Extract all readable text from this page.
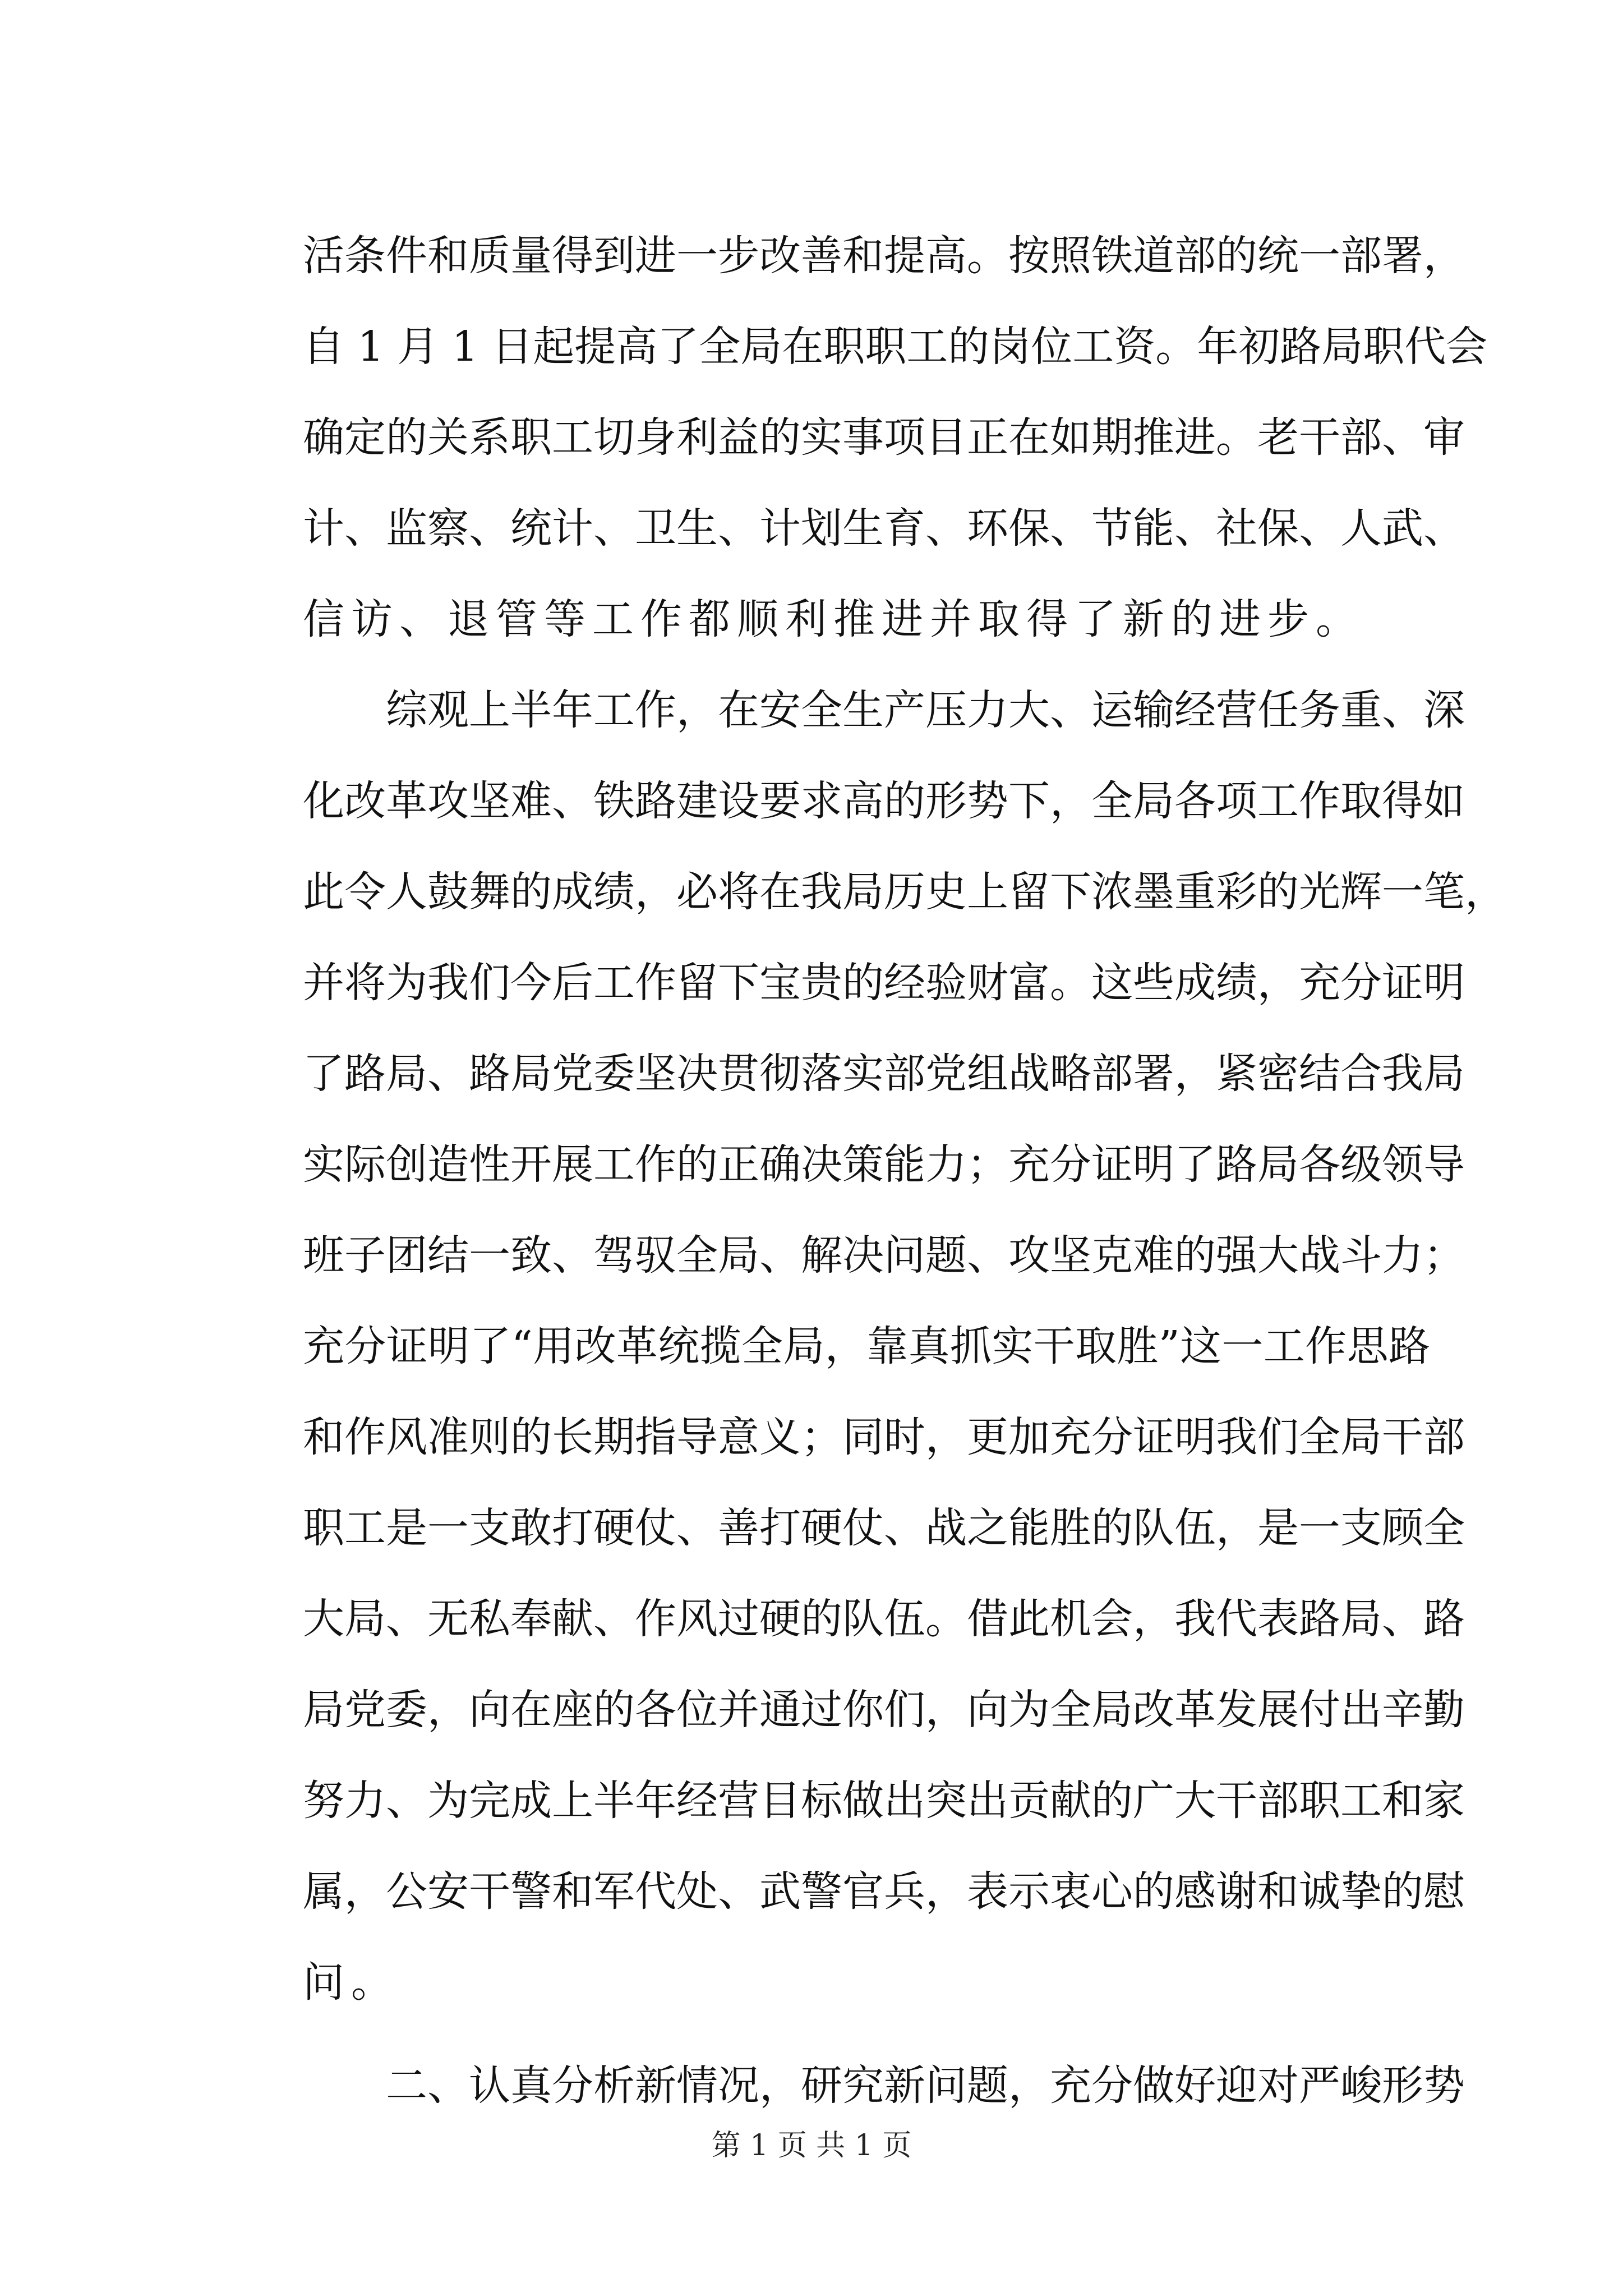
活条件和质量得到进一步改善和提高。按照铁道部的统一部署，
自 1 月 1 日起提高了全局在职职工的岗位工资。年初路局职代会
确定的关系职工切身利益的实事项目正在如期推进。老干部、审
计、监察、统计、卫生、计划生育、环保、节能、社保、人武、
信访、退管等工作都顺利推进并取得了新的进步。
综观上半年工作，在安全生产压力大、运输经营任务重、深
化改革攻坚难、铁路建设要求高的形势下，全局各项工作取得如
此令人鼓舞的成绩，必将在我局历史上留下浓墨重彩的光辉一笔，
并将为我们今后工作留下宝贵的经验财富。这些成绩，充分证明
了路局、路局党委坚决贯彻落实部党组战略部署，紧密结合我局
实际创造性开展工作的正确决策能力；充分证明了路局各级领导
班子团结一致、驾驭全局、解决问题、攻坚克难的强大战斗力；
充分证明了“用改革统揽全局，靠真抓实干取胜”这一工作思路
和作风准则的长期指导意义；同时，更加充分证明我们全局干部
职工是一支敢打硬仗、善打硬仗、战之能胜的队伍，是一支顾全
大局、无私奉献、作风过硬的队伍。借此机会，我代表路局、路
局党委，向在座的各位并通过你们，向为全局改革发展付出辛勤
努力、为完成上半年经营目标做出突出贡献的广大干部职工和家
属，公安干警和军代处、武警官兵，表示衷心的感谢和诚挚的慰
问。
二、认真分析新情况，研究新问题，充分做好迎对严峻形势
第 1 页 共 1 页
